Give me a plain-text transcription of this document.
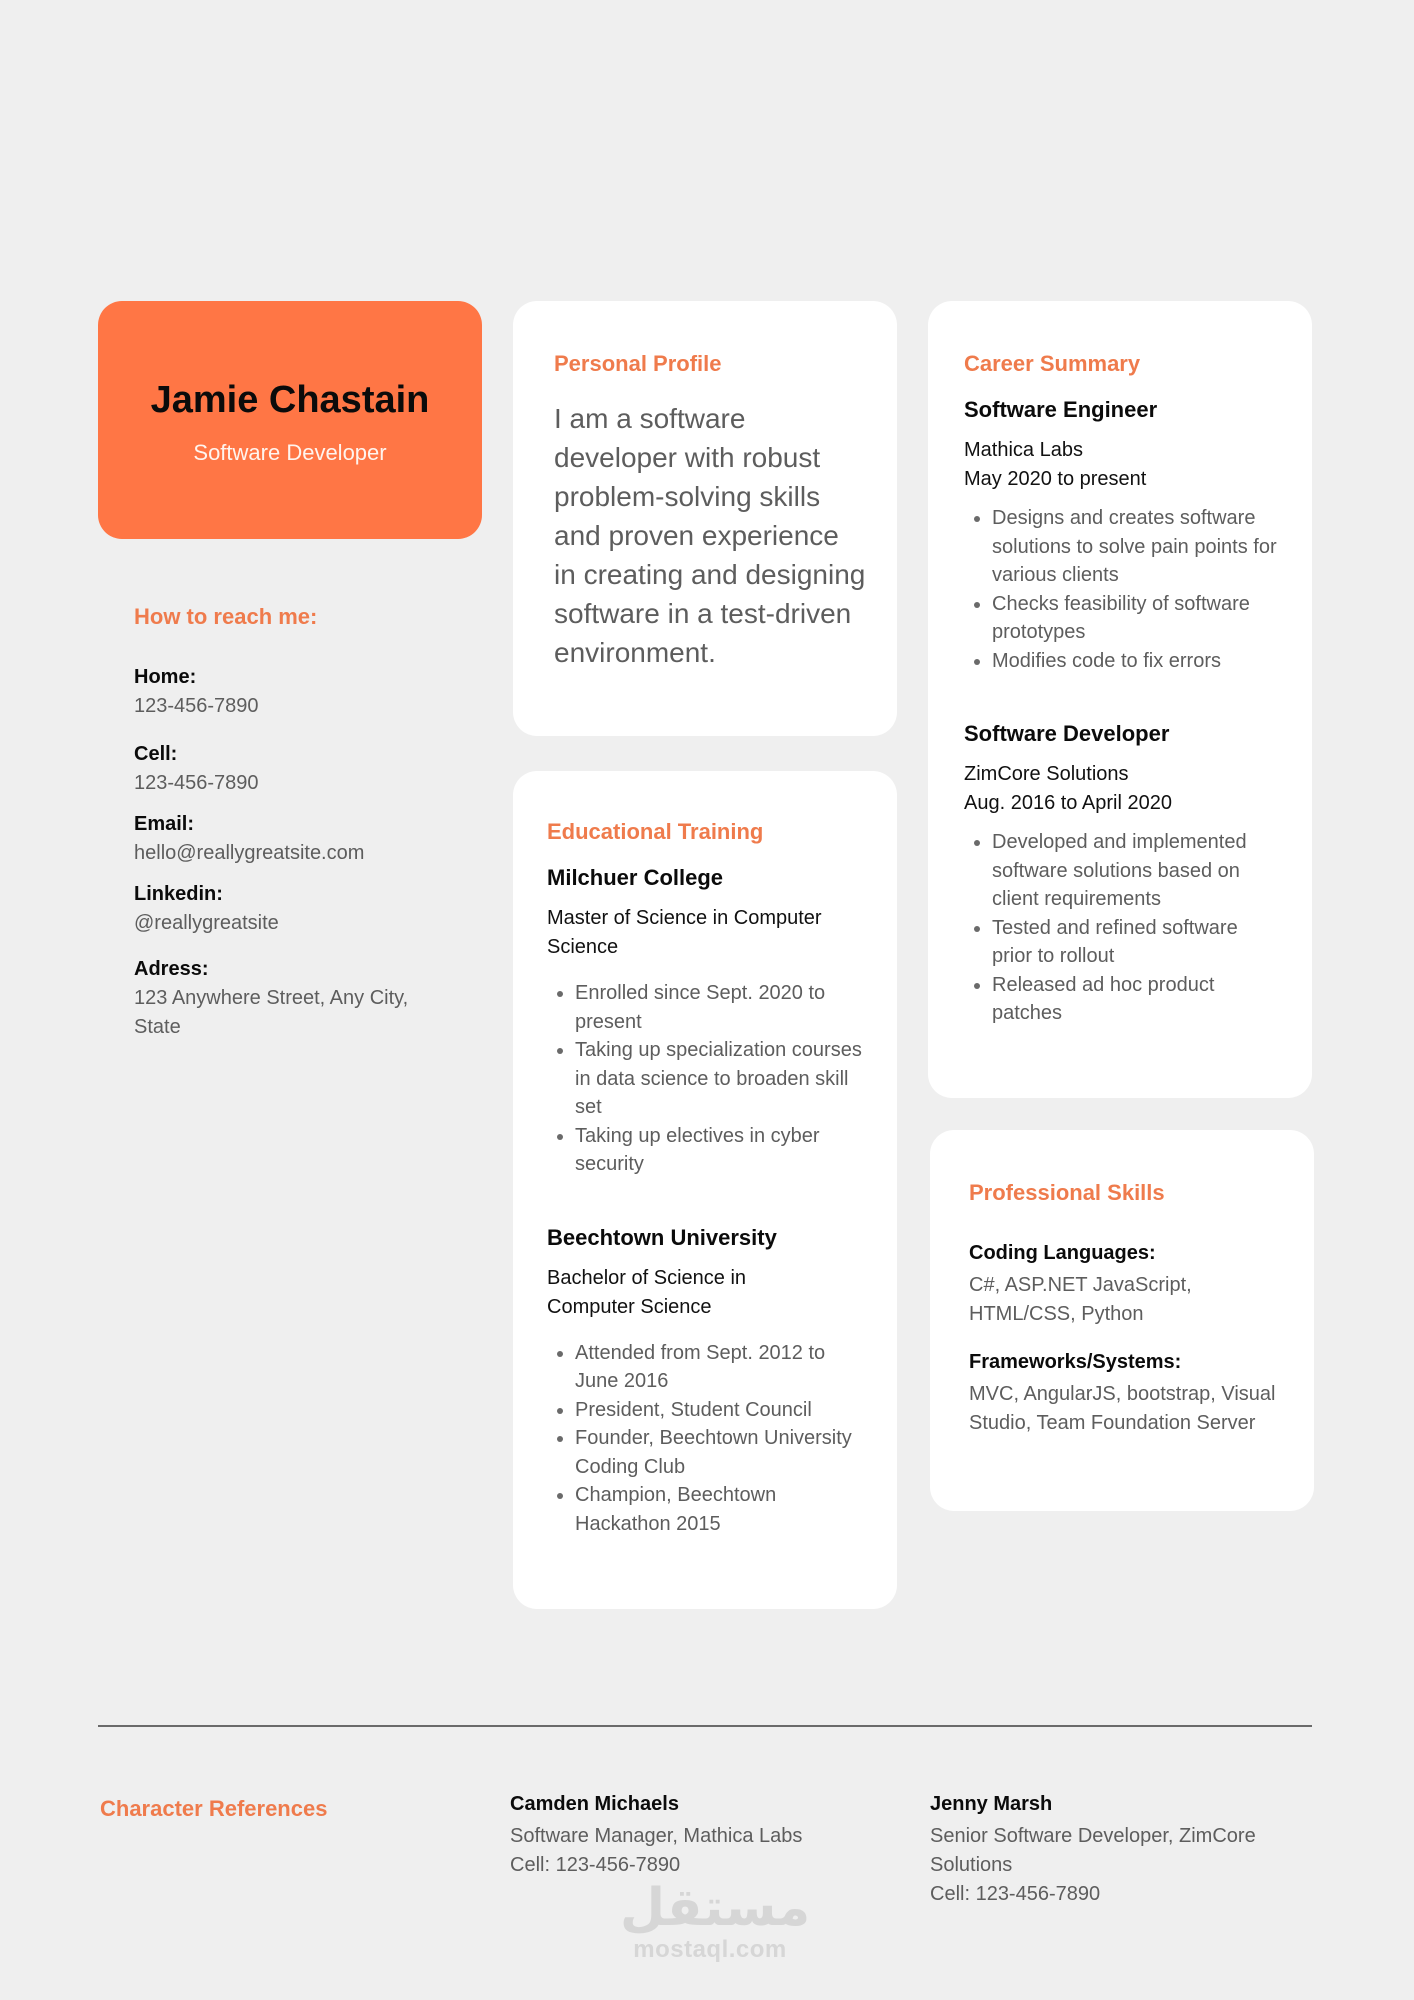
Jamie Chastain
Software Developer
How to reach me:
Home:
123-456-7890
Cell:
123-456-7890
Email:
hello@reallygreatsite.com
Linkedin:
@reallygreatsite
Adress:
123 Anywhere Street, Any City, State
Personal Profile
I am a software developer with robust problem-solving skills and proven experience in creating and designing software in a test-driven environment.
Educational Training
Milchuer College
Master of Science in Computer Science
• Enrolled since Sept. 2020 to present
• Taking up specialization courses in data science to broaden skill set
• Taking up electives in cyber security
Beechtown University
Bachelor of Science in Computer Science
• Attended from Sept. 2012 to June 2016
• President, Student Council
• Founder, Beechtown University Coding Club
• Champion, Beechtown Hackathon 2015
Career Summary
Software Engineer
Mathica Labs
May 2020 to present
• Designs and creates software solutions to solve pain points for various clients
• Checks feasibility of software prototypes
• Modifies code to fix errors
Software Developer
ZimCore Solutions
Aug. 2016 to April 2020
• Developed and implemented software solutions based on client requirements
• Tested and refined software prior to rollout
• Released ad hoc product patches
Professional Skills
Coding Languages:
C#, ASP.NET JavaScript, HTML/CSS, Python
Frameworks/Systems:
MVC, AngularJS, bootstrap, Visual Studio, Team Foundation Server
Character References	Camden Michaels
Software Manager, Mathica Labs
Cell: 123-456-7890
Jenny Marsh
Senior Software Developer, ZimCore Solutions
Cell: 123-456-7890
مستقل
mostaql.com
